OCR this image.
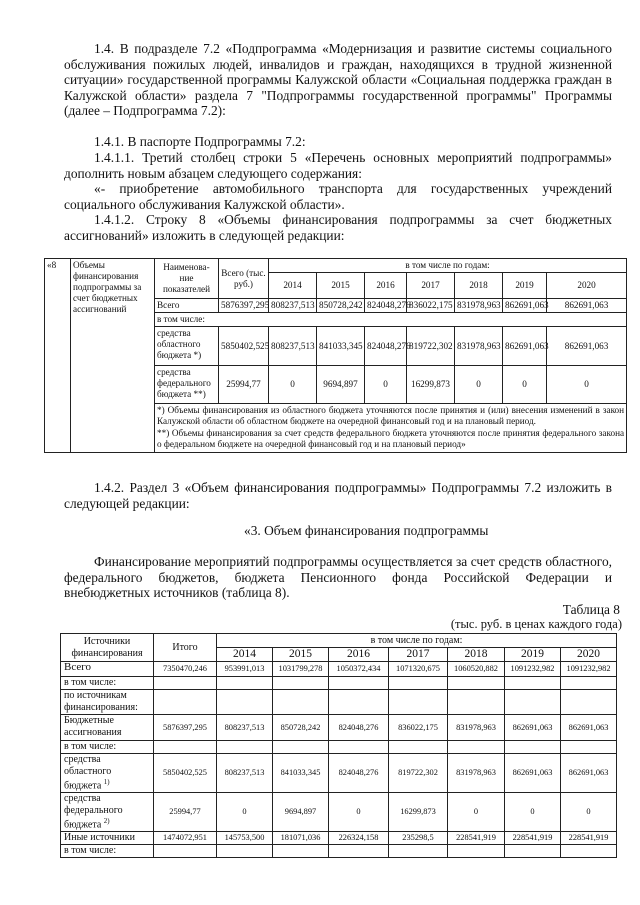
1.4. В подразделе 7.2 «Подпрограмма «Модернизация и развитие системы социального обслуживания пожилых людей, инвалидов и граждан, находящихся в трудной жизненной ситуации» государственной программы Калужской области «Социальная поддержка граждан в Калужской области» раздела 7 "Подпрограммы государственной программы" Программы (далее – Подпрограмма 7.2):
1.4.1. В паспорте Подпрограммы 7.2:
1.4.1.1. Третий столбец строки 5 «Перечень основных мероприятий подпрограммы» дополнить новым абзацем следующего содержания:
«- приобретение автомобильного транспорта для государственных учреждений социального обслуживания Калужской области».
1.4.1.2. Строку 8 «Объемы финансирования подпрограммы за счет бюджетных ассигнований» изложить в следующей редакции:
«8	Объемы финансирования подпрограммы за счет бюджетных ассигнований	Наименова-ние показателей	Всего (тыс. руб.)	в том числе по годам:						
				2014	2015	2016	2017	2018	2019	2020
		Всего	5876397,295	808237,513	850728,242	824048,276	836022,175	831978,963	862691,063	862691,063
		в том числе:								
		средства областного бюджета *)	5850402,525	808237,513	841033,345	824048,276	819722,302	831978,963	862691,063	862691,063
		средства федерального бюджета **)	25994,77	0	9694,897	0	16299,873	0	0	0

		*) Объемы финансирования из областного бюджета уточняются после принятия и (или) внесения изменений в закон Калужской области об областном бюджете на очередной финансовый год и на плановый период.
**) Объемы финансирования за счет средств федерального бюджета уточняются после принятия федерального закона о федеральном бюджете на очередной финансовый год и на плановый период»								
1.4.2. Раздел 3 «Объем финансирования подпрограммы» Подпрограммы 7.2 изложить в следующей редакции:
«3. Объем финансирования подпрограммы
Финансирование мероприятий подпрограммы осуществляется за счет средств областного, федерального бюджетов, бюджета Пенсионного фонда Российской Федерации и внебюджетных источников (таблица 8).
Таблица 8
(тыс. руб. в ценах каждого года)
Источники финансирования	Итого	в том числе по годам:						
		2014	2015	2016	2017	2018	2019	2020
Всего	7350470,246	953991,013	1031799,278	1050372,434	1071320,675	1060520,882	1091232,982	1091232,982
в том числе:								
по источникам финансирования:								
Бюджетные ассигнования	5876397,295	808237,513	850728,242	824048,276	836022,175	831978,963	862691,063	862691,063
в том числе:								
средства областного бюджета $^{1)}$	5850402,525	808237,513	841033,345	824048,276	819722,302	831978,963	862691,063	862691,063
средства федерального бюджета $^{2)}$	25994,77	0	9694,897	0	16299,873	0	0	0
Иные источники	1474072,951	145753,500	181071,036	226324,158	235298,5	228541,919	228541,919	228541,919
в том числе:								
